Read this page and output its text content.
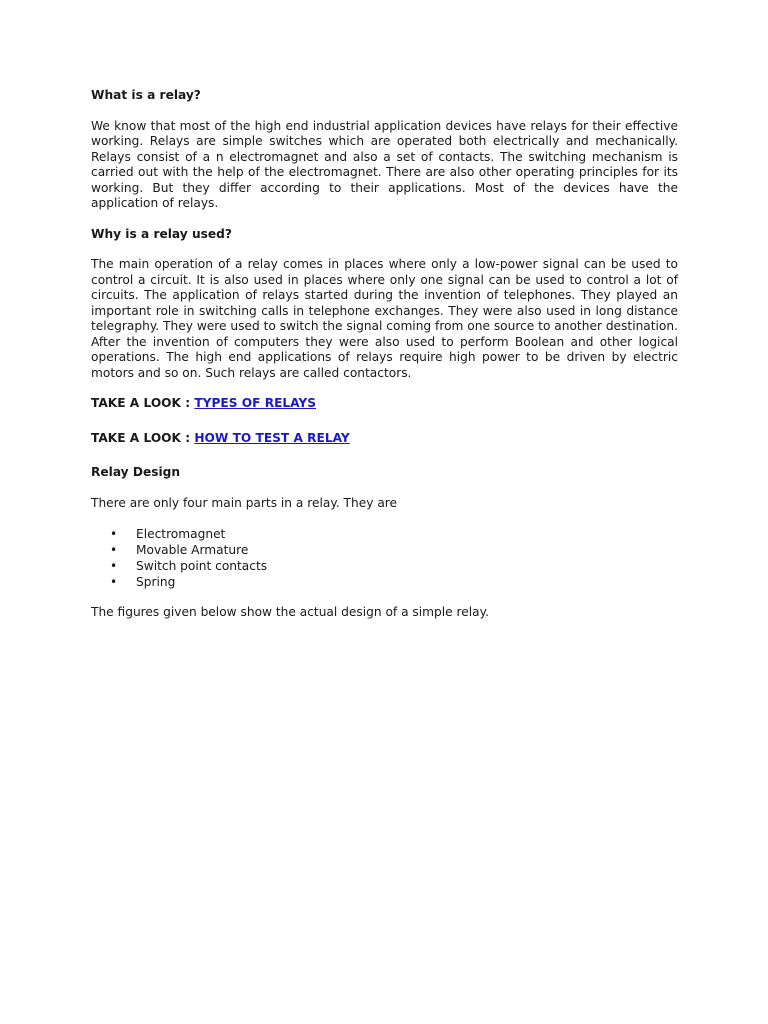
What is a relay?
We know that most of the high end industrial application devices have relays for their effective working. Relays are simple switches which are operated both electrically and mechanically. Relays consist of a n electromagnet and also a set of contacts. The switching mechanism is carried out with the help of the electromagnet. There are also other operating principles for its working. But they differ according to their applications. Most of the devices have the application of relays.
Why is a relay used?
The main operation of a relay comes in places where only a low-power signal can be used to control a circuit. It is also used in places where only one signal can be used to control a lot of circuits. The application of relays started during the invention of telephones. They played an important role in switching calls in telephone exchanges. They were also used in long distance telegraphy. They were used to switch the signal coming from one source to another destination. After the invention of computers they were also used to perform Boolean and other logical operations. The high end applications of relays require high power to be driven by electric motors and so on. Such relays are called contactors.
TAKE A LOOK : TYPES OF RELAYS
TAKE A LOOK : HOW TO TEST A RELAY
Relay Design
There are only four main parts in a relay. They are
• Electromagnet
• Movable Armature
• Switch point contacts
• Spring
The figures given below show the actual design of a simple relay.
